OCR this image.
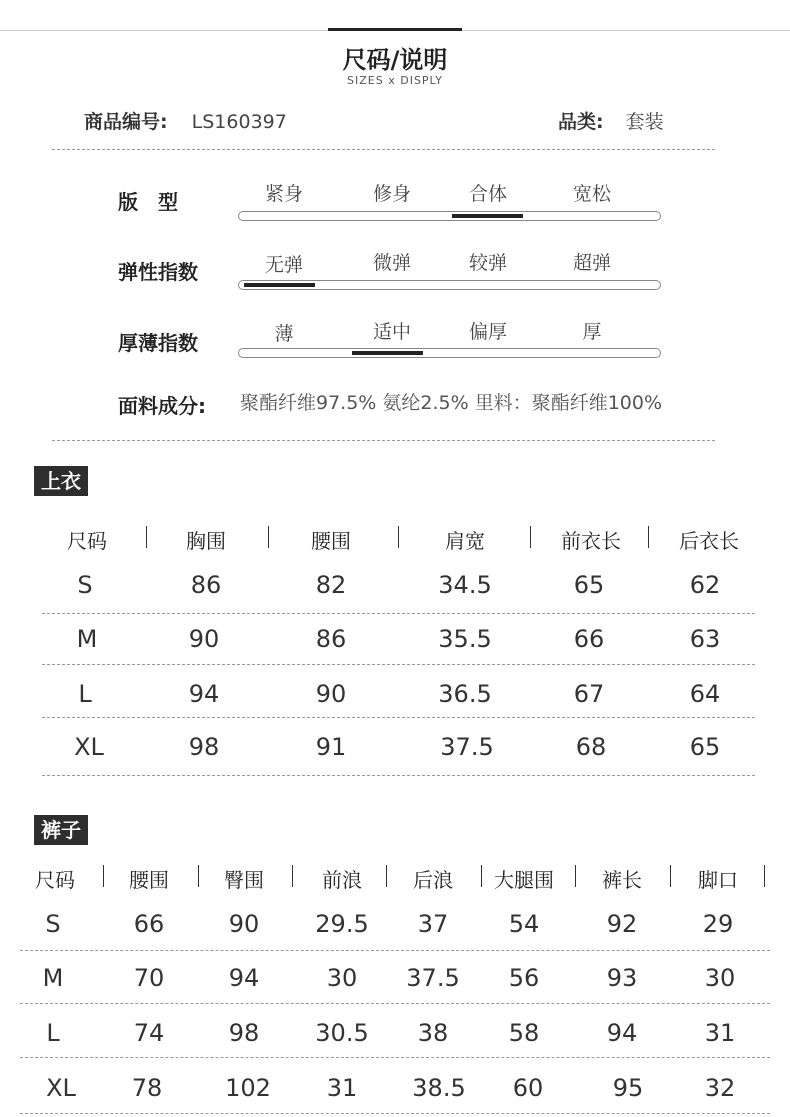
尺码/说明
SIZES x DISPLY
商品编号: LS160397	品类: 套装
版　型	紧身	修身	合体	宽松
弹性指数	无弹	微弹	较弹	超弹
厚薄指数	薄	适中	偏厚	厚
面料成分: 聚酯纤维97.5% 氨纶2.5% 里料：聚酯纤维100%
上衣
尺码	胸围	腰围	肩宽	前衣长	后衣长
S	86	82	34.5	65	62
M	90	86	35.5	66	63
L	94	90	36.5	67	64
XL	98	91	37.5	68	65
裤子
尺码	腰围	臀围	前浪	后浪	大腿围	裤长	脚口
S	66	90	29.5	37	54	92	29
M	70	94	30	37.5	56	93	30
L	74	98	30.5	38	58	94	31
XL	78	102	31	38.5	60	95	32
